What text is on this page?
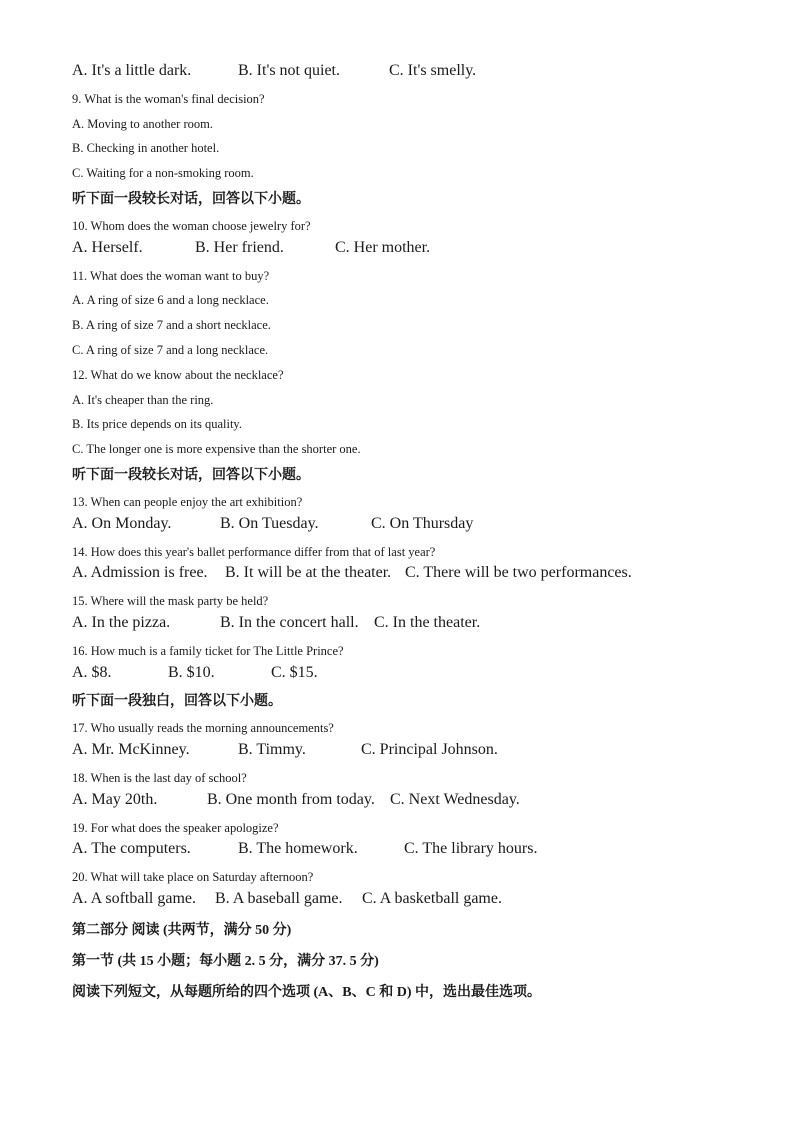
A. It's a little dark.	B. It's not quiet.	C. It's smelly.
9. What is the woman's final decision?
A. Moving to another room.
B. Checking in another hotel.
C. Waiting for a non-smoking room.
听下面一段较长对话，回答以下小题。
10. Whom does the woman choose jewelry for?
A. Herself.	B. Her friend.	C. Her mother.
11. What does the woman want to buy?
A. A ring of size 6 and a long necklace.
B. A ring of size 7 and a short necklace.
C. A ring of size 7 and a long necklace.
12. What do we know about the necklace?
A. It's cheaper than the ring.
B. Its price depends on its quality.
C. The longer one is more expensive than the shorter one.
听下面一段较长对话，回答以下小题。
13. When can people enjoy the art exhibition?
A. On Monday.	B. On Tuesday.	C. On Thursday
14. How does this year's ballet performance differ from that of last year?
A. Admission is free. B. It will be at the theater. C. There will be two performances.
15. Where will the mask party be held?
A. In the pizza.	B. In the concert hall. C. In the theater.
16. How much is a family ticket for The Little Prince?
A. $8.	B. $10.	C. $15.
听下面一段独白，回答以下小题。
17. Who usually reads the morning announcements?
A. Mr. McKinney.	B. Timmy.	C. Principal Johnson.
18. When is the last day of school?
A. May 20th.	B. One month from today. C. Next Wednesday.
19. For what does the speaker apologize?
A. The computers.	B. The homework.	C. The library hours.
20. What will take place on Saturday afternoon?
A. A softball game. B. A baseball game. C. A basketball game.
第二部分 阅读 (共两节，满分 50 分)
第一节 (共 15 小题；每小题 2. 5 分，满分 37. 5 分)
阅读下列短文，从每题所给的四个选项 (A、B、C 和 D) 中，选出最佳选项。
